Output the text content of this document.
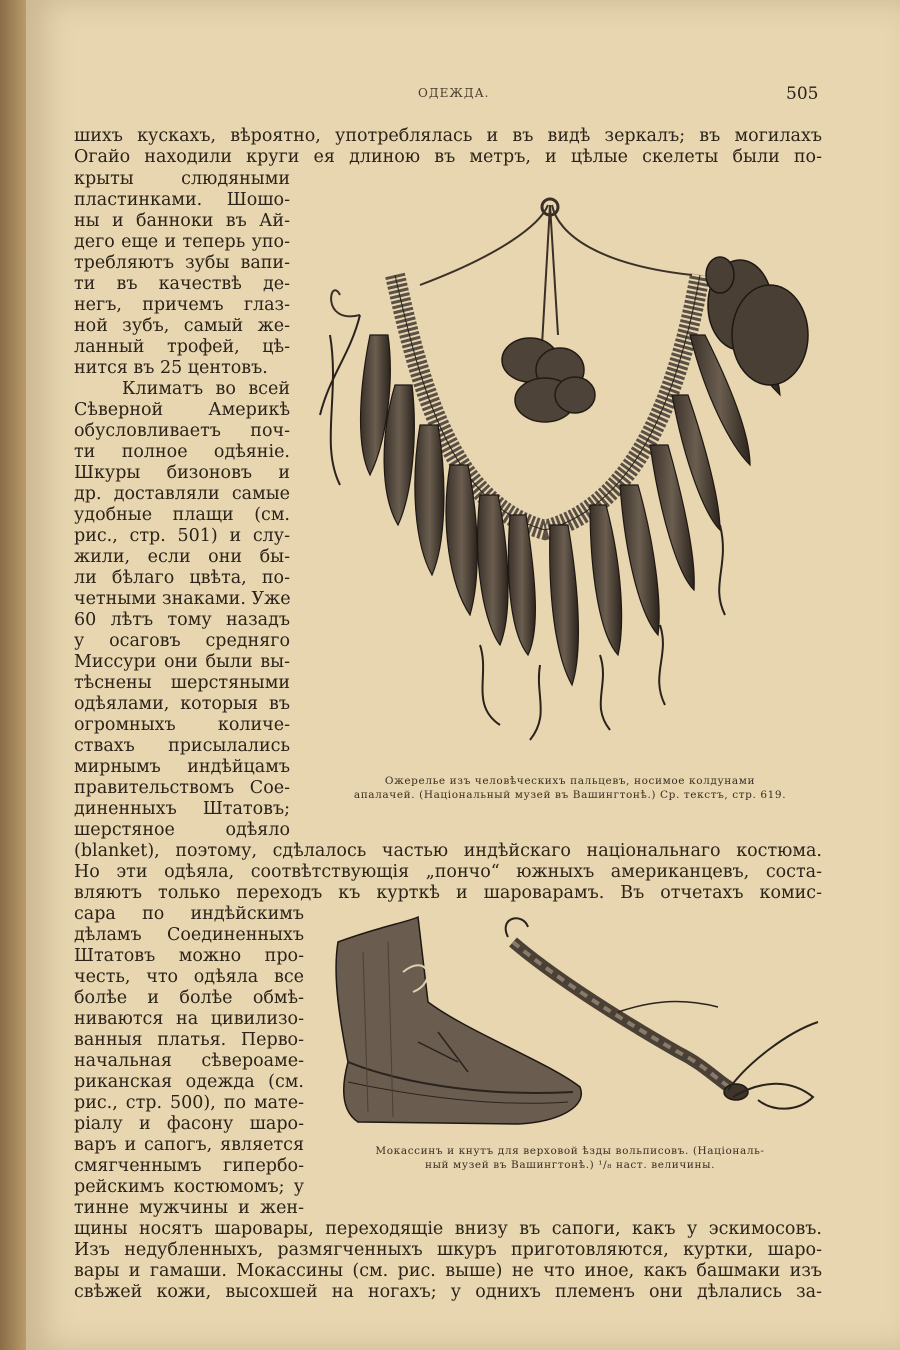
ОДЕЖДА.	505
шихъ кускахъ, вѣроятно, употреблялась и въ видѣ зеркалъ; въ могилахъ
Огайо находили круги ея длиною въ метръ, и цѣлые скелеты были по-
крыты слюдяными
пластинками. Шошо-
ны и банноки въ Ай-
дего еще и теперь упо-
требляютъ зубы вапи-
ти въ качествѣ де-
негъ, причемъ глаз-
ной зубъ, самый же-
ланный трофей, цѣ-
нится въ 25 центовъ.
Климатъ во всей
Сѣверной Америкѣ
обусловливаетъ поч-
ти полное одѣяніе.
Шкуры бизоновъ и
др. доставляли самые
удобные плащи (см.
рис., стр. 501) и слу-
жили, если они бы-
ли бѣлаго цвѣта, по-
четными знаками. Уже
60 лѣтъ тому назадъ
у осаговъ средняго
Миссури они были вы-
тѣснены шерстяными
одѣялами, которыя въ
огромныхъ количе-
ствахъ присылались
мирнымъ индѣйцамъ
правительствомъ Сое-
диненныхъ Штатовъ;
шерстяное одѣяло
Ожерелье изъ человѣческихъ пальцевъ, носимое колдунами
апалачей. (Національный музей въ Вашингтонѣ.) Ср. текстъ, стр. 619.
(blanket), поэтому, сдѣлалось частью индѣйскаго національнаго костюма.
Но эти одѣяла, соотвѣтствующія „пончо“ южныхъ американцевъ, соста-
вляютъ только переходъ къ курткѣ и шароварамъ. Въ отчетахъ комис-
сара по индѣйскимъ
дѣламъ Соединенныхъ
Штатовъ можно про-
честь, что одѣяла все
болѣе и болѣе обмѣ-
ниваются на цивилизо-
ванныя платья. Перво-
начальная сѣвероаме-
риканская одежда (см.
рис., стр. 500), по мате-
ріалу и фасону шаро-
варъ и сапогъ, является
смягченнымъ гипербо-
рейскимъ костюмомъ; у
тинне мужчины и жен-
Мокассинъ и кнутъ для верховой ѣзды вольписовъ. (Національ-
ный музей въ Вашингтонѣ.) ¹/₈ наст. величины.
щины носятъ шаровары, переходящіе внизу въ сапоги, какъ у эскимосовъ.
Изъ недубленныхъ, размягченныхъ шкуръ приготовляются, куртки, шаро-
вары и гамаши. Мокассины (см. рис. выше) не что иное, какъ башмаки изъ
свѣжей кожи, высохшей на ногахъ; у однихъ племенъ они дѣлались за-
